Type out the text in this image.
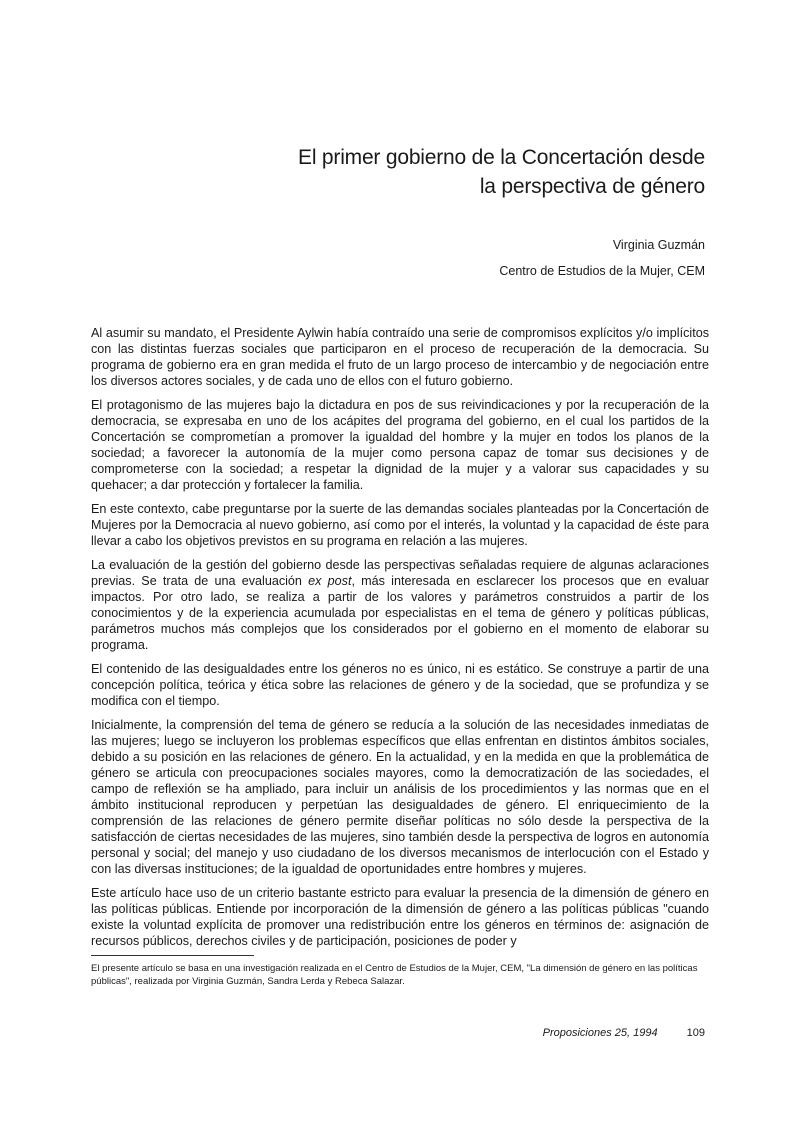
El primer gobierno de la Concertación desde
la perspectiva de género
Virginia Guzmán
Centro de Estudios de la Mujer, CEM

Al asumir su mandato, el Presidente Aylwin había contraído una serie de compromisos explícitos y/o implícitos con las distintas fuerzas sociales que participaron en el proceso de recuperación de la democracia. Su programa de gobierno era en gran medida el fruto de un largo proceso de intercambio y de negociación entre los diversos actores sociales, y de cada uno de ellos con el futuro gobierno.

El protagonismo de las mujeres bajo la dictadura en pos de sus reivindicaciones y por la recuperación de la democracia, se expresaba en uno de los acápites del programa del gobierno, en el cual los partidos de la Concertación se comprometían a promover la igualdad del hombre y la mujer en todos los planos de la sociedad; a favorecer la autonomía de la mujer como persona capaz de tomar sus decisiones y de comprometerse con la sociedad; a respetar la dignidad de la mujer y a valorar sus capacidades y su quehacer; a dar protección y fortalecer la familia.

En este contexto, cabe preguntarse por la suerte de las demandas sociales planteadas por la Concertación de Mujeres por la Democracia al nuevo gobierno, así como por el interés, la voluntad y la capacidad de éste para llevar a cabo los objetivos previstos en su programa en relación a las mujeres.

La evaluación de la gestión del gobierno desde las perspectivas señaladas requiere de algunas aclaraciones previas. Se trata de una evaluación ex post, más interesada en esclarecer los procesos que en evaluar impactos. Por otro lado, se realiza a partir de los valores y parámetros construidos a partir de los conocimientos y de la experiencia acumulada por especialistas en el tema de género y políticas públicas, parámetros muchos más complejos que los considerados por el gobierno en el momento de elaborar su programa.

El contenido de las desigualdades entre los géneros no es único, ni es estático. Se construye a partir de una concepción política, teórica y ética sobre las relaciones de género y de la sociedad, que se profundiza y se modifica con el tiempo.

Inicialmente, la comprensión del tema de género se reducía a la solución de las necesidades inmediatas de las mujeres; luego se incluyeron los problemas específicos que ellas enfrentan en distintos ámbitos sociales, debido a su posición en las relaciones de género. En la actualidad, y en la medida en que la problemática de género se articula con preocupaciones sociales mayores, como la democratización de las sociedades, el campo de reflexión se ha ampliado, para incluir un análisis de los procedimientos y las normas que en el ámbito institucional reproducen y perpetúan las desigualdades de género. El enriquecimiento de la comprensión de las relaciones de género permite diseñar políticas no sólo desde la perspectiva de la satisfacción de ciertas necesidades de las mujeres, sino también desde la perspectiva de logros en autonomía personal y social; del manejo y uso ciudadano de los diversos mecanismos de interlocución con el Estado y con las diversas instituciones; de la igualdad de oportunidades entre hombres y mujeres.

Este artículo hace uso de un criterio bastante estricto para evaluar la presencia de la dimensión de género en las políticas públicas. Entiende por incorporación de la dimensión de género a las políticas públicas "cuando existe la voluntad explícita de promover una redistribución entre los géneros en términos de: asignación de recursos públicos, derechos civiles y de participación, posiciones de poder y

El presente artículo se basa en una investigación realizada en el Centro de Estudios de la Mujer, CEM, "La dimensión de género en las políticas públicas", realizada por Virginia Guzmán, Sandra Lerda y Rebeca Salazar.
Proposiciones 25, 1994	109
